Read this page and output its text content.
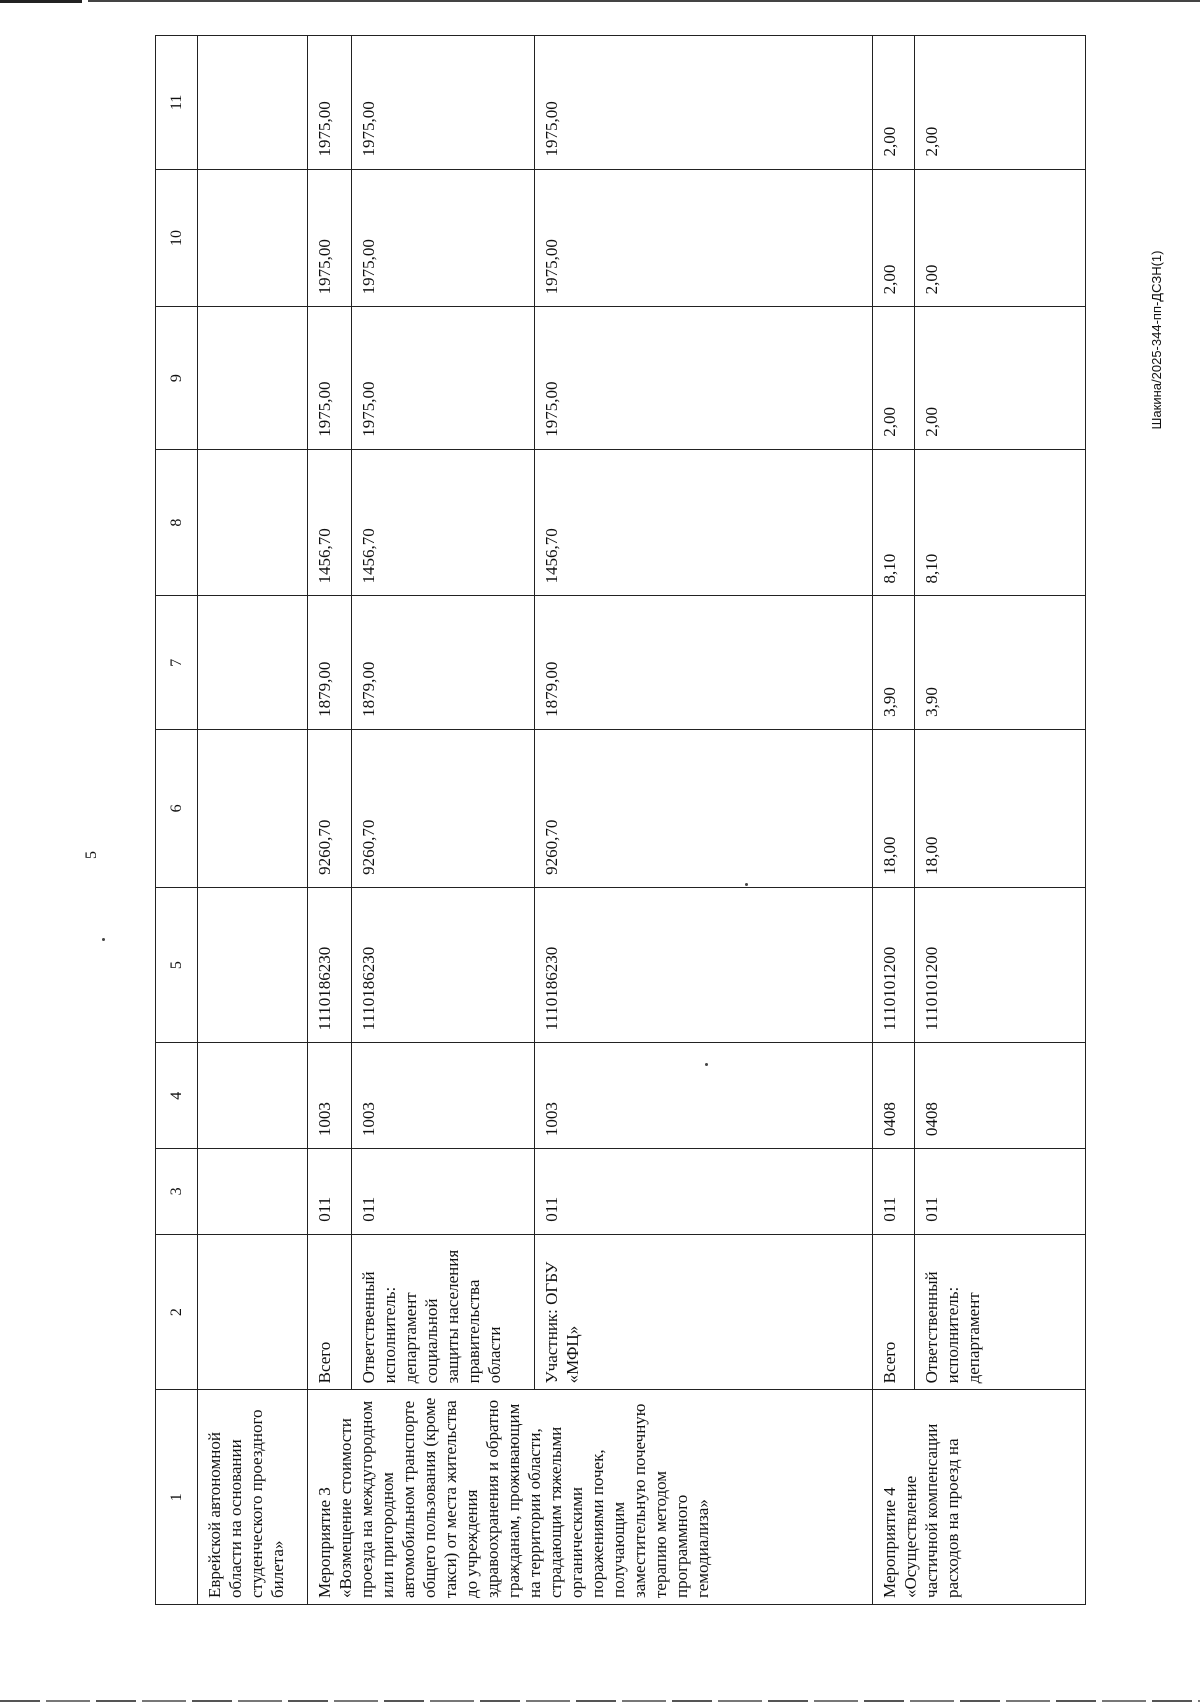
5
Шакина/2025-344-пп-ДСЗН(1)
1	2	3	4	5	6	7	8	9	10	11
Еврейской автономной области на основании студенческого проездного билета»										
Мероприятие 3 «Возмещение стоимости проезда на междугородном или пригородном автомобильном транспорте общего пользования (кроме такси) от места жительства до учреждения здравоохранения и обратно гражданам, проживающим на территории области, страдающим тяжелыми органическими поражениями почек, получающим заместительную почечную терапию методом программного гемодиализа»	Всего	011	1003	1110186230	9260,70	1879,00	1456,70	1975,00	1975,00	1975,00
	Ответственный исполнитель: департамент социальной защиты населения правительства области	011	1003	1110186230	9260,70	1879,00	1456,70	1975,00	1975,00	1975,00
	Участник: ОГБУ «МФЦ»	011	1003	1110186230	9260,70	1879,00	1456,70	1975,00	1975,00	1975,00
Мероприятие 4 «Осуществление частичной компенсации расходов на проезд на	Всего	011	0408	1110101200	18,00	3,90	8,10	2,00	2,00	2,00
	Ответственный исполнитель: департамент	011	0408	1110101200	18,00	3,90	8,10	2,00	2,00	2,00
